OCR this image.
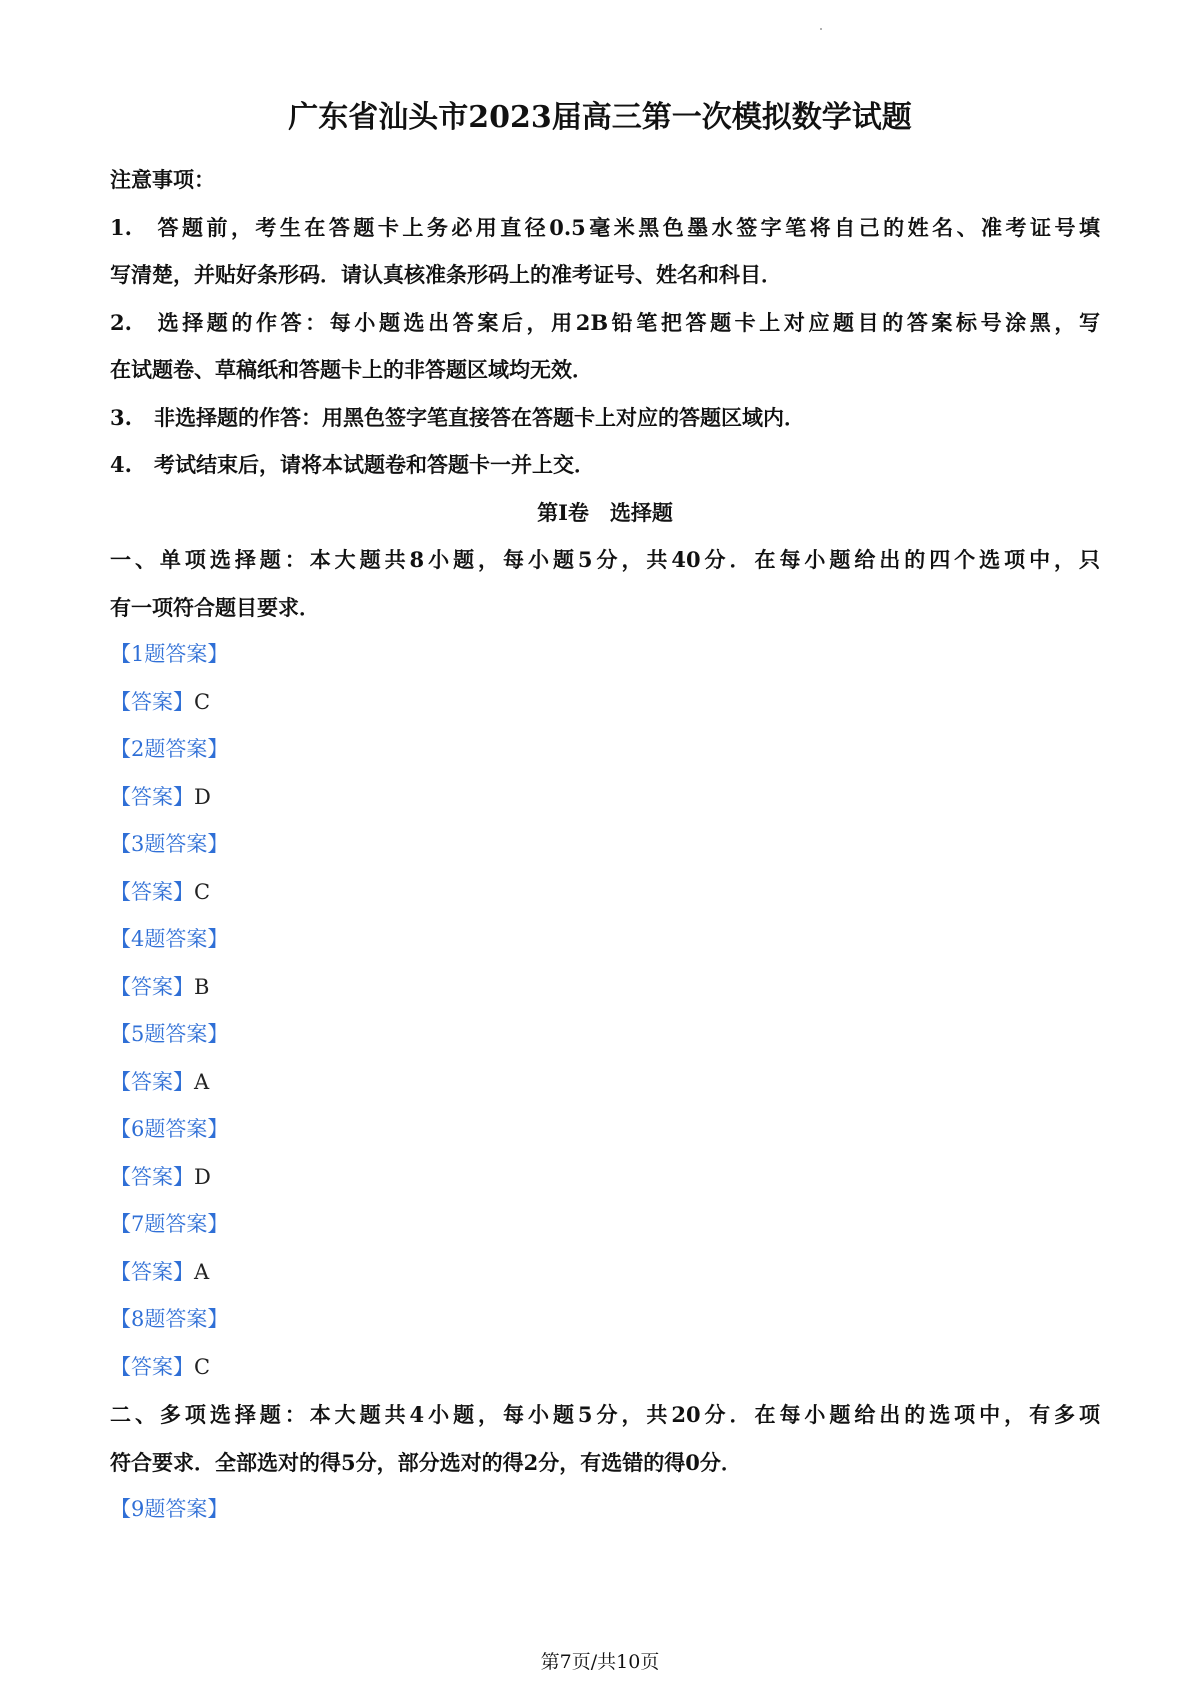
广东省汕头市2023届高三第一次模拟数学试题
注意事项：
1. 答题前，考生在答题卡上务必用直径0.5毫米黑色墨水签字笔将自己的姓名、准考证号填
写清楚，并贴好条形码．请认真核准条形码上的准考证号、姓名和科目．
2. 选择题的作答：每小题选出答案后，用2B铅笔把答题卡上对应题目的答案标号涂黑，写
在试题卷、草稿纸和答题卡上的非答题区域均无效．
3. 非选择题的作答：用黑色签字笔直接答在答题卡上对应的答题区域内．
4. 考试结束后，请将本试题卷和答题卡一并上交．
第Ⅰ卷　选择题
一、单项选择题：本大题共8小题，每小题5分，共40分．在每小题给出的四个选项中，只
有一项符合题目要求．
【1题答案】
【答案】C
【2题答案】
【答案】D
【3题答案】
【答案】C
【4题答案】
【答案】B
【5题答案】
【答案】A
【6题答案】
【答案】D
【7题答案】
【答案】A
【8题答案】
【答案】C
二、多项选择题：本大题共4小题，每小题5分，共20分．在每小题给出的选项中，有多项
符合要求．全部选对的得5分，部分选对的得2分，有选错的得0分．
【9题答案】
第7页/共10页
